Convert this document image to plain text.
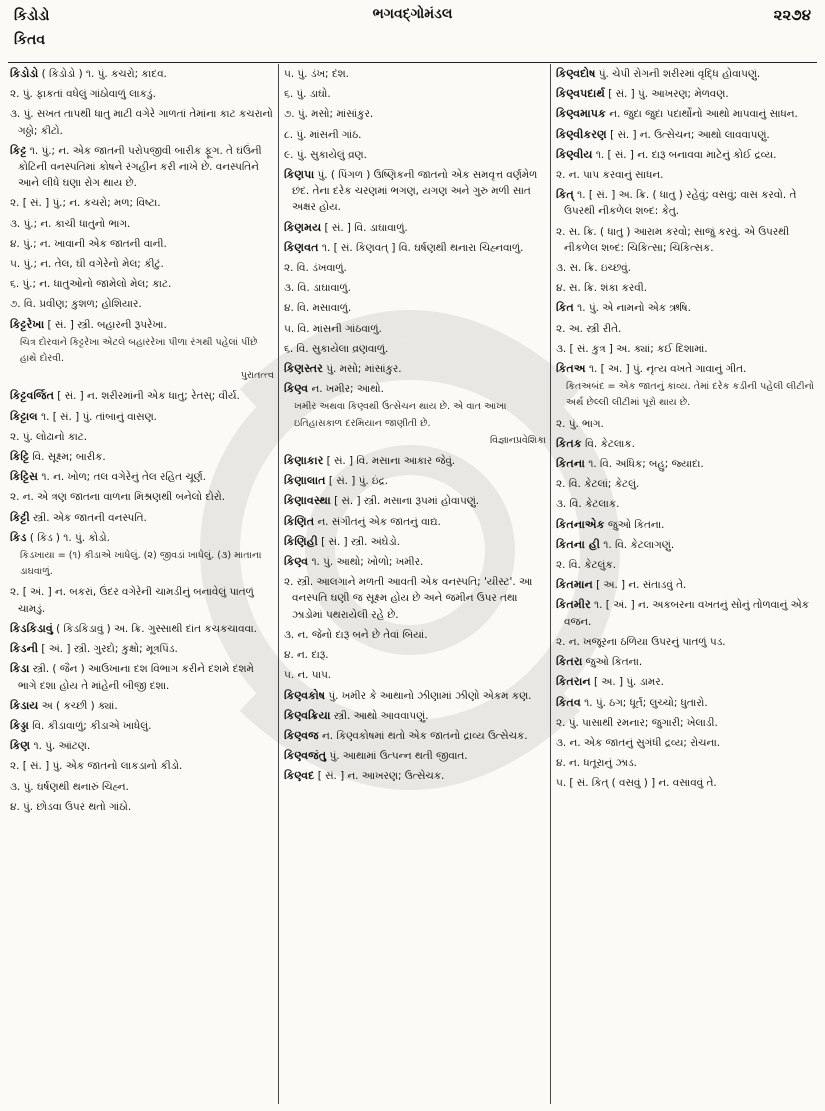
કિડોડો
કિતવ
ભગવદ્ગોમંડલ	૨૨૭૪
કિડોડો ( કિડોડો ) ૧. પું. કચરો; કાદવ.
૨. પું. ફાકતાં વધેલું ગાંઠોવાળું લાકડું.
૩. પું. સખત તાપથી ધાતુ માટી વગેરે ગાળતાં તેમાંના કાટ કચરાનો ગઠ્ઠો; કીટો.
કિટ્ટ ૧. પું.; ન. એક જાતની પરોપજીવી બારીક ફૂગ. તે ઘંઉંની કોટિની વનસ્પતિમાં કોષને રંગહીન કરી નાખે છે. વનસ્પતિને આને લીધે ઘણા રોગ થાય છે.
૨. [ સં. ] પું.; ન. કચરો; મળ; વિષ્ટા.
૩. પું.; ન. કાચી ધાતુનો ભાગ.
૪. પું.; ન. ખાવાની એક જાતની વાની.
૫. પું.; ન. તેલ, ઘી વગેરેનો મેલ; કીટું.
૬. પું.; ન. ધાતુઓનો જામેલો મેલ; કાટ.
૭. વિ. પ્રવીણ; કુશળ; હોશિયાર.
કિટ્ટરેખા [ સં. ] સ્ત્રી. બહારની રૂપરેખા.
ચિત્ર દોરવાને કિટ્ટરેખા એટલે બહારરેખા પીળા રંગથી પહેલાં પીંછે હાથે દોરવી.
પુરાતત્ત્વ
કિટ્ટવર્જિત [ સં. ] ન. શરીરમાંની એક ધાતુ; રેતસ્; વીર્ય.
કિટ્ટાલ ૧. [ સં. ] પું. તાંબાનું વાસણ.
૨. પું. લોઢાનો કાટ.
કિટ્ટિ વિ. સૂક્ષ્મ; બારીક.
કિટ્ટિસ ૧. ન. ખોળ; તલ વગેરેનું તેલ રહિત ચૂર્ણ.
૨. ન. એ ત્રણ જાતના વાળના મિશ્રણથી બનેલો દોરો.
કિટ્ટી સ્ત્રી. એક જાતની વનસ્પતિ.
કિડ ( કિડ ) ૧. પું. કોડો.
કિડખાયા = (૧) કીડાએ ખાધેલું. (૨) જીવડાં ખાધેલું. (૩) માતાના ડાઘવાળું.
૨. [ અં. ] ન. બકરાં, ઉંદર વગેરેની ચામડીનું બનાવેલું પાતળું ચામડું.
કિડકિડાવું ( કિડકિડાવું ) અ. ક્રિ. ગુસ્સાથી દાંત કચકચાવવા.
કિડની [ અં. ] સ્ત્રી. ગુરદો; કુક્ષો; મૂત્રપિંડ.
કિડા સ્ત્રી. ( જૈન ) આઉખાના દશ વિભાગ કરીને દશમે દશમે ભાગે દશા હોય તે માંહેની બીજી દશા.
કિડાય અ ( કચ્છી ) ક્યાં.
કિડ્ડા વિ. કીડાવાળું; કીડાએ ખાધેલું.
કિણ ૧. પું. આંટણ.
૨. [ સં. ] પું. એક જાતનો લાકડાનો કીડો.
૩. પું. ઘર્ષણથી થનારું ચિહ્ન.
૪. પું. છોડવા ઉપર થતો ગાંઠો.
૫. પું. ડંખ; દંશ.
૬. પું. ડાઘો.
૭. પું. મસો; માંસાંકુર.
૮. પું. માંસની ગાંઠ.
૯. પું. સુકાયેલું વ્રણ.
કિણપા પું. ( પિંગળ ) ઉષ્ણિકની જાતનો એક સમવૃત્ત વર્ણમેળ છંદ. તેના દરેક ચરણમાં ભગણ, યગણ અને ગુરુ મળી સાત અક્ષર હોય.
કિણમય [ સં. ] વિ. ડાઘાવાળું.
કિણવત ૧. [ સં. કિણવત્ ] વિ. ઘર્ષણથી થનારા ચિહ્નવાળું.
૨. વિ. ડંખવાળું.
૩. વિ. ડાઘાવાળું.
૪. વિ. મસાવાળું.
૫. વિ. માંસની ગાંઠવાળું.
૬. વિ. સુકાયેલા વ્રણવાળું.
કિણસ્તર પું. મસો; માંસાંકુર.
કિણ્વ ન. ખમીર; આથો.
ખમીર અથવા કિણ્વથી ઉત્સેચન થાય છે. એ વાત આખા ઇતિહાસકાળ દરમિયાન જાણીતી છે.
વિજ્ઞાનપ્રવેશિકા
કિણાકાર [ સં. ] વિ. મસાના આકાર જેવું.
કિણાલાત [ સં. ] પું. ઇંદ્ર.
કિણાવસ્થા [ સં. ] સ્ત્રી. મસાના રૂપમાં હોવાપણું.
કિણિત ન. સંગીતનું એક જાતનું વાદ્ય.
કિણિહી [ સં. ] સ્ત્રી. અંઘેડો.
કિણ્વ ૧. પું. આથો; ખોળો; ખમીર.
૨. સ્ત્રી. આલગાને મળતી આવતી એક વનસ્પતિ; 'યીસ્ટ'. આ વનસ્પતિ ઘણી જ સૂક્ષ્મ હોય છે અને જમીન ઉપર તથા ઝાડોમાં પથરાયેલી રહે છે.
૩. ન. જેનો દારૂ બને છે તેવાં બિયાં.
૪. ન. દારૂ.
૫. ન. પાપ.
કિણ્વકોષ પું. ખમીર કે આથાનો ઝીણામાં ઝીણો એકમ કણ.
કિણ્વક્રિયા સ્ત્રી. આથો આવવાપણું.
કિણ્વજ ન. કિણ્વકોષમાં થતો એક જાતનો દ્રાવ્ય ઉત્સેચક.
કિણ્વજંતુ પું. આથામાં ઉત્પન્ન થતી જીવાત.
કિણ્વદ [ સં. ] ન. આખરણ; ઉત્સેચક.
કિણ્વદોષ પું. ચેપી રોગની શરીરમાં વૃદ્ધિ હોવાપણું.
કિણ્વપદાર્થ [ સં. ] પું. આખરણ; મેળવણ.
કિણ્વમાપક ન. જુદા જુદા પદાર્થોનો આથો માપવાનું સાધન.
કિણ્વીકરણ [ સં. ] ન. ઉત્સેચન; આથો લાવવાપણું.
કિણ્વીય ૧. [ સં. ] ન. દારૂ બનાવવા માટેનું કોઈ દ્રવ્ય.
૨. ન. પાપ કરવાનું સાધન.
કિત્ ૧. [ સં. ] અ. ક્રિ. ( ધાતુ ) રહેવું; વસવું; વાસ કરવો. તે ઉપરથી નીકળેલ શબ્દ: કેતુ.
૨. સ. ક્રિ. ( ધાતુ ) આરામ કરવો; સાજું કરવું. એ ઉપરથી નીકળેલ શબ્દ: ચિકિત્સા; ચિકિત્સક.
૩. સ. ક્રિ. ઇચ્છવું.
૪. સ. ક્રિ. શંકા કરવી.
કિત ૧. પું. એ નામનો એક ઋષિ.
૨. અ. સ્ત્રી રીતે.
૩. [ સં. કુત્ર ] અ. ક્યાં; કઈ દિશામાં.
કિતઅ ૧. [ અ. ] પું. નૃત્ય વખતે ગાવાનું ગીત.
કિતઅબંદ = એક જાતનું કાવ્ય. તેમાં દરેક કડીની પહેલી લીટીનો અર્થ છેલ્લી લીટીમાં પૂરો થાય છે.
૨. પું. ભાગ.
કિતક વિ. કેટલાક.
કિતના ૧. વિ. અધિક; બહુ; જ્યાદા.
૨. વિ. કેટલાં; કેટલું.
૩. વિ. કેટલાક.
કિતનાએક જુઓ કિતના.
કિતના હી ૧. વિ. કેટલાગણું.
૨. વિ. કેટલુંક.
કિતમાન [ અ. ] ન. સંતાડવું તે.
કિતમીર ૧. [ અં. ] ન. અકબરના વખતનું સોનું તોળવાનું એક વજન.
૨. ન. ખજૂરના ઠળિયા ઉપરનું પાતળું પડ.
કિતરા જુઓ કિતના.
કિતરાન [ અ. ] પું. ડામર.
કિતવ ૧. પું. ઠગ; ધૂર્ત; લુચ્ચો; ધુતારો.
૨. પું. પાસાથી રમનાર; જુગારી; ખેલાડી.
૩. ન. એક જાતનું સુગંધી દ્રવ્ય; રોચના.
૪. ન. ધતૂરાનું ઝાડ.
૫. [ સં. કિત્ ( વસવું ) ] ન. વસાવવું તે.
